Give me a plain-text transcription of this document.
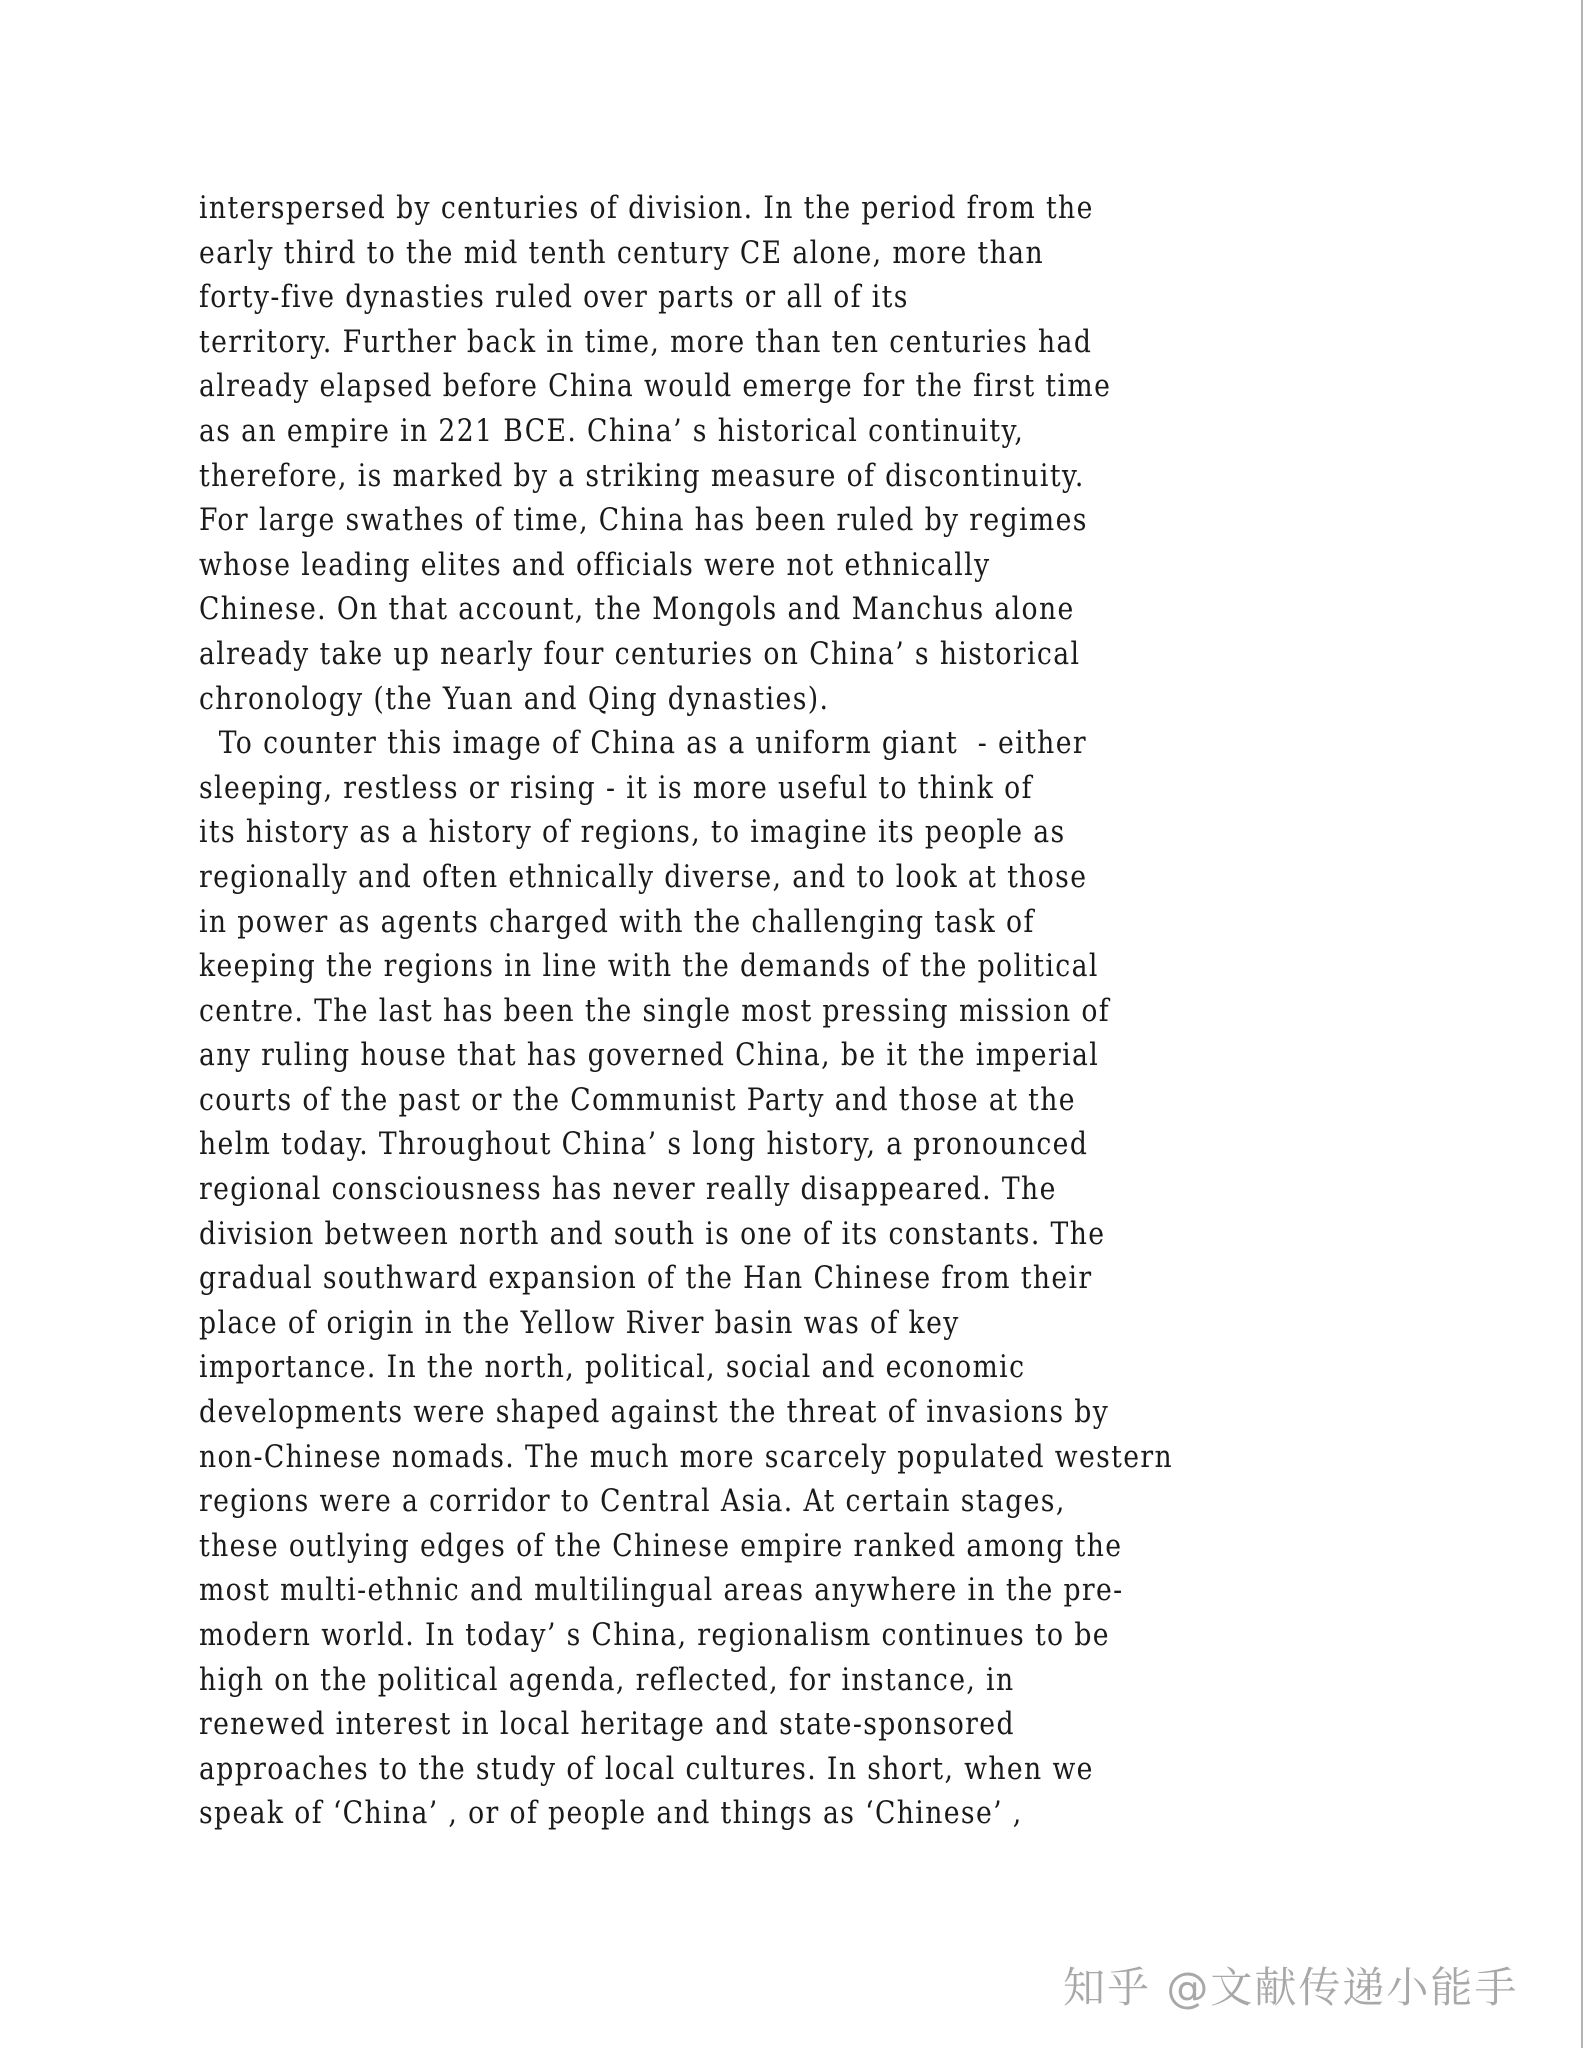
interspersed by centuries of division. In the period from the
early third to the mid tenth century CE alone, more than
forty-five dynasties ruled over parts or all of its
territory. Further back in time, more than ten centuries had
already elapsed before China would emerge for the first time
as an empire in 221 BCE. China’ s historical continuity,
therefore, is marked by a striking measure of discontinuity.
For large swathes of time, China has been ruled by regimes
whose leading elites and officials were not ethnically
Chinese. On that account, the Mongols and Manchus alone
already take up nearly four centuries on China’ s historical
chronology (the Yuan and Qing dynasties).
To counter this image of China as a uniform giant  - either
sleeping, restless or rising - it is more useful to think of
its history as a history of regions, to imagine its people as
regionally and often ethnically diverse, and to look at those
in power as agents charged with the challenging task of
keeping the regions in line with the demands of the political
centre. The last has been the single most pressing mission of
any ruling house that has governed China, be it the imperial
courts of the past or the Communist Party and those at the
helm today. Throughout China’ s long history, a pronounced
regional consciousness has never really disappeared. The
division between north and south is one of its constants. The
gradual southward expansion of the Han Chinese from their
place of origin in the Yellow River basin was of key
importance. In the north, political, social and economic
developments were shaped against the threat of invasions by
non-Chinese nomads. The much more scarcely populated western
regions were a corridor to Central Asia. At certain stages,
these outlying edges of the Chinese empire ranked among the
most multi-ethnic and multilingual areas anywhere in the pre-
modern world. In today’ s China, regionalism continues to be
high on the political agenda, reflected, for instance, in
renewed interest in local heritage and state-sponsored
approaches to the study of local cultures. In short, when we
speak of ‘China’ , or of people and things as ‘Chinese’ ,
知乎 @文献传递小能手
